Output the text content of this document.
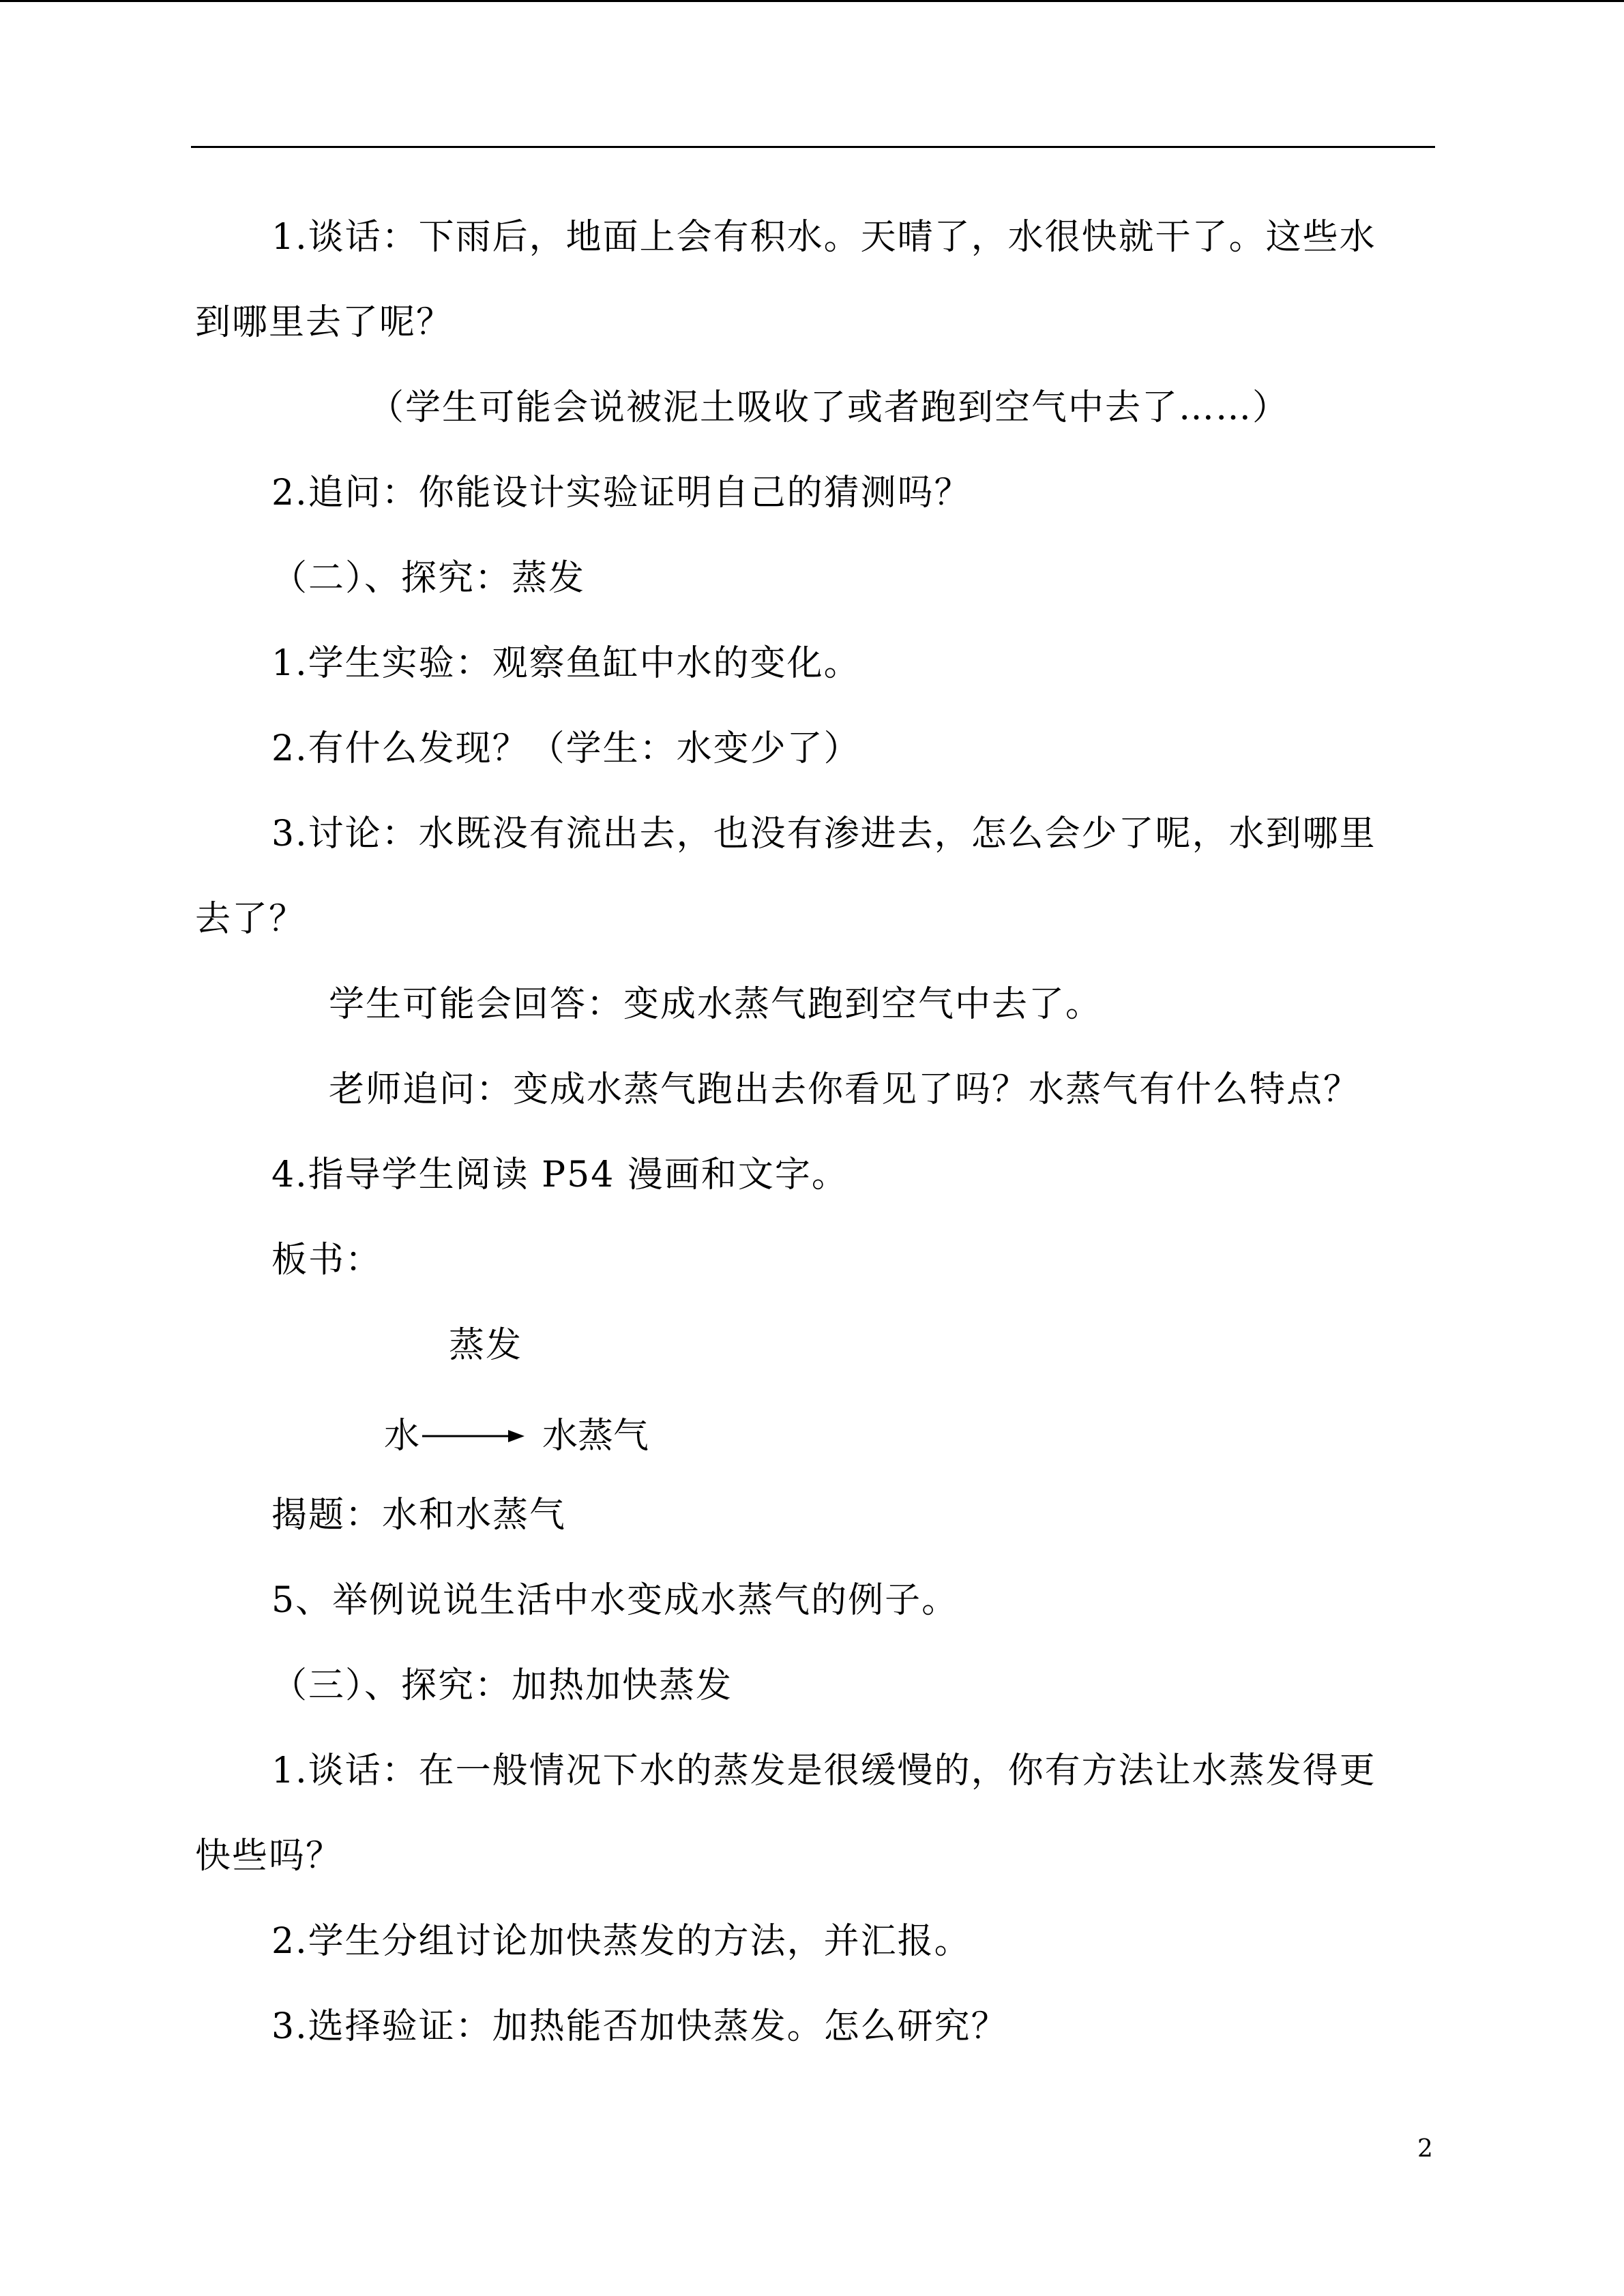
1.谈话：下雨后，地面上会有积水。天晴了，水很快就干了。这些水
到哪里去了呢？
（学生可能会说被泥土吸收了或者跑到空气中去了……）
2.追问：你能设计实验证明自己的猜测吗？
（二）、探究：蒸发
1.学生实验：观察鱼缸中水的变化。
2.有什么发现？（学生：水变少了）
3.讨论：水既没有流出去，也没有渗进去，怎么会少了呢，水到哪里
去了？
学生可能会回答：变成水蒸气跑到空气中去了。
老师追问：变成水蒸气跑出去你看见了吗？水蒸气有什么特点？
4.指导学生阅读 P54 漫画和文字。
板书：
蒸发
水	水蒸气
揭题：水和水蒸气
5、举例说说生活中水变成水蒸气的例子。
（三）、探究：加热加快蒸发
1.谈话：在一般情况下水的蒸发是很缓慢的，你有方法让水蒸发得更
快些吗？
2.学生分组讨论加快蒸发的方法，并汇报。
3.选择验证：加热能否加快蒸发。怎么研究？
2
